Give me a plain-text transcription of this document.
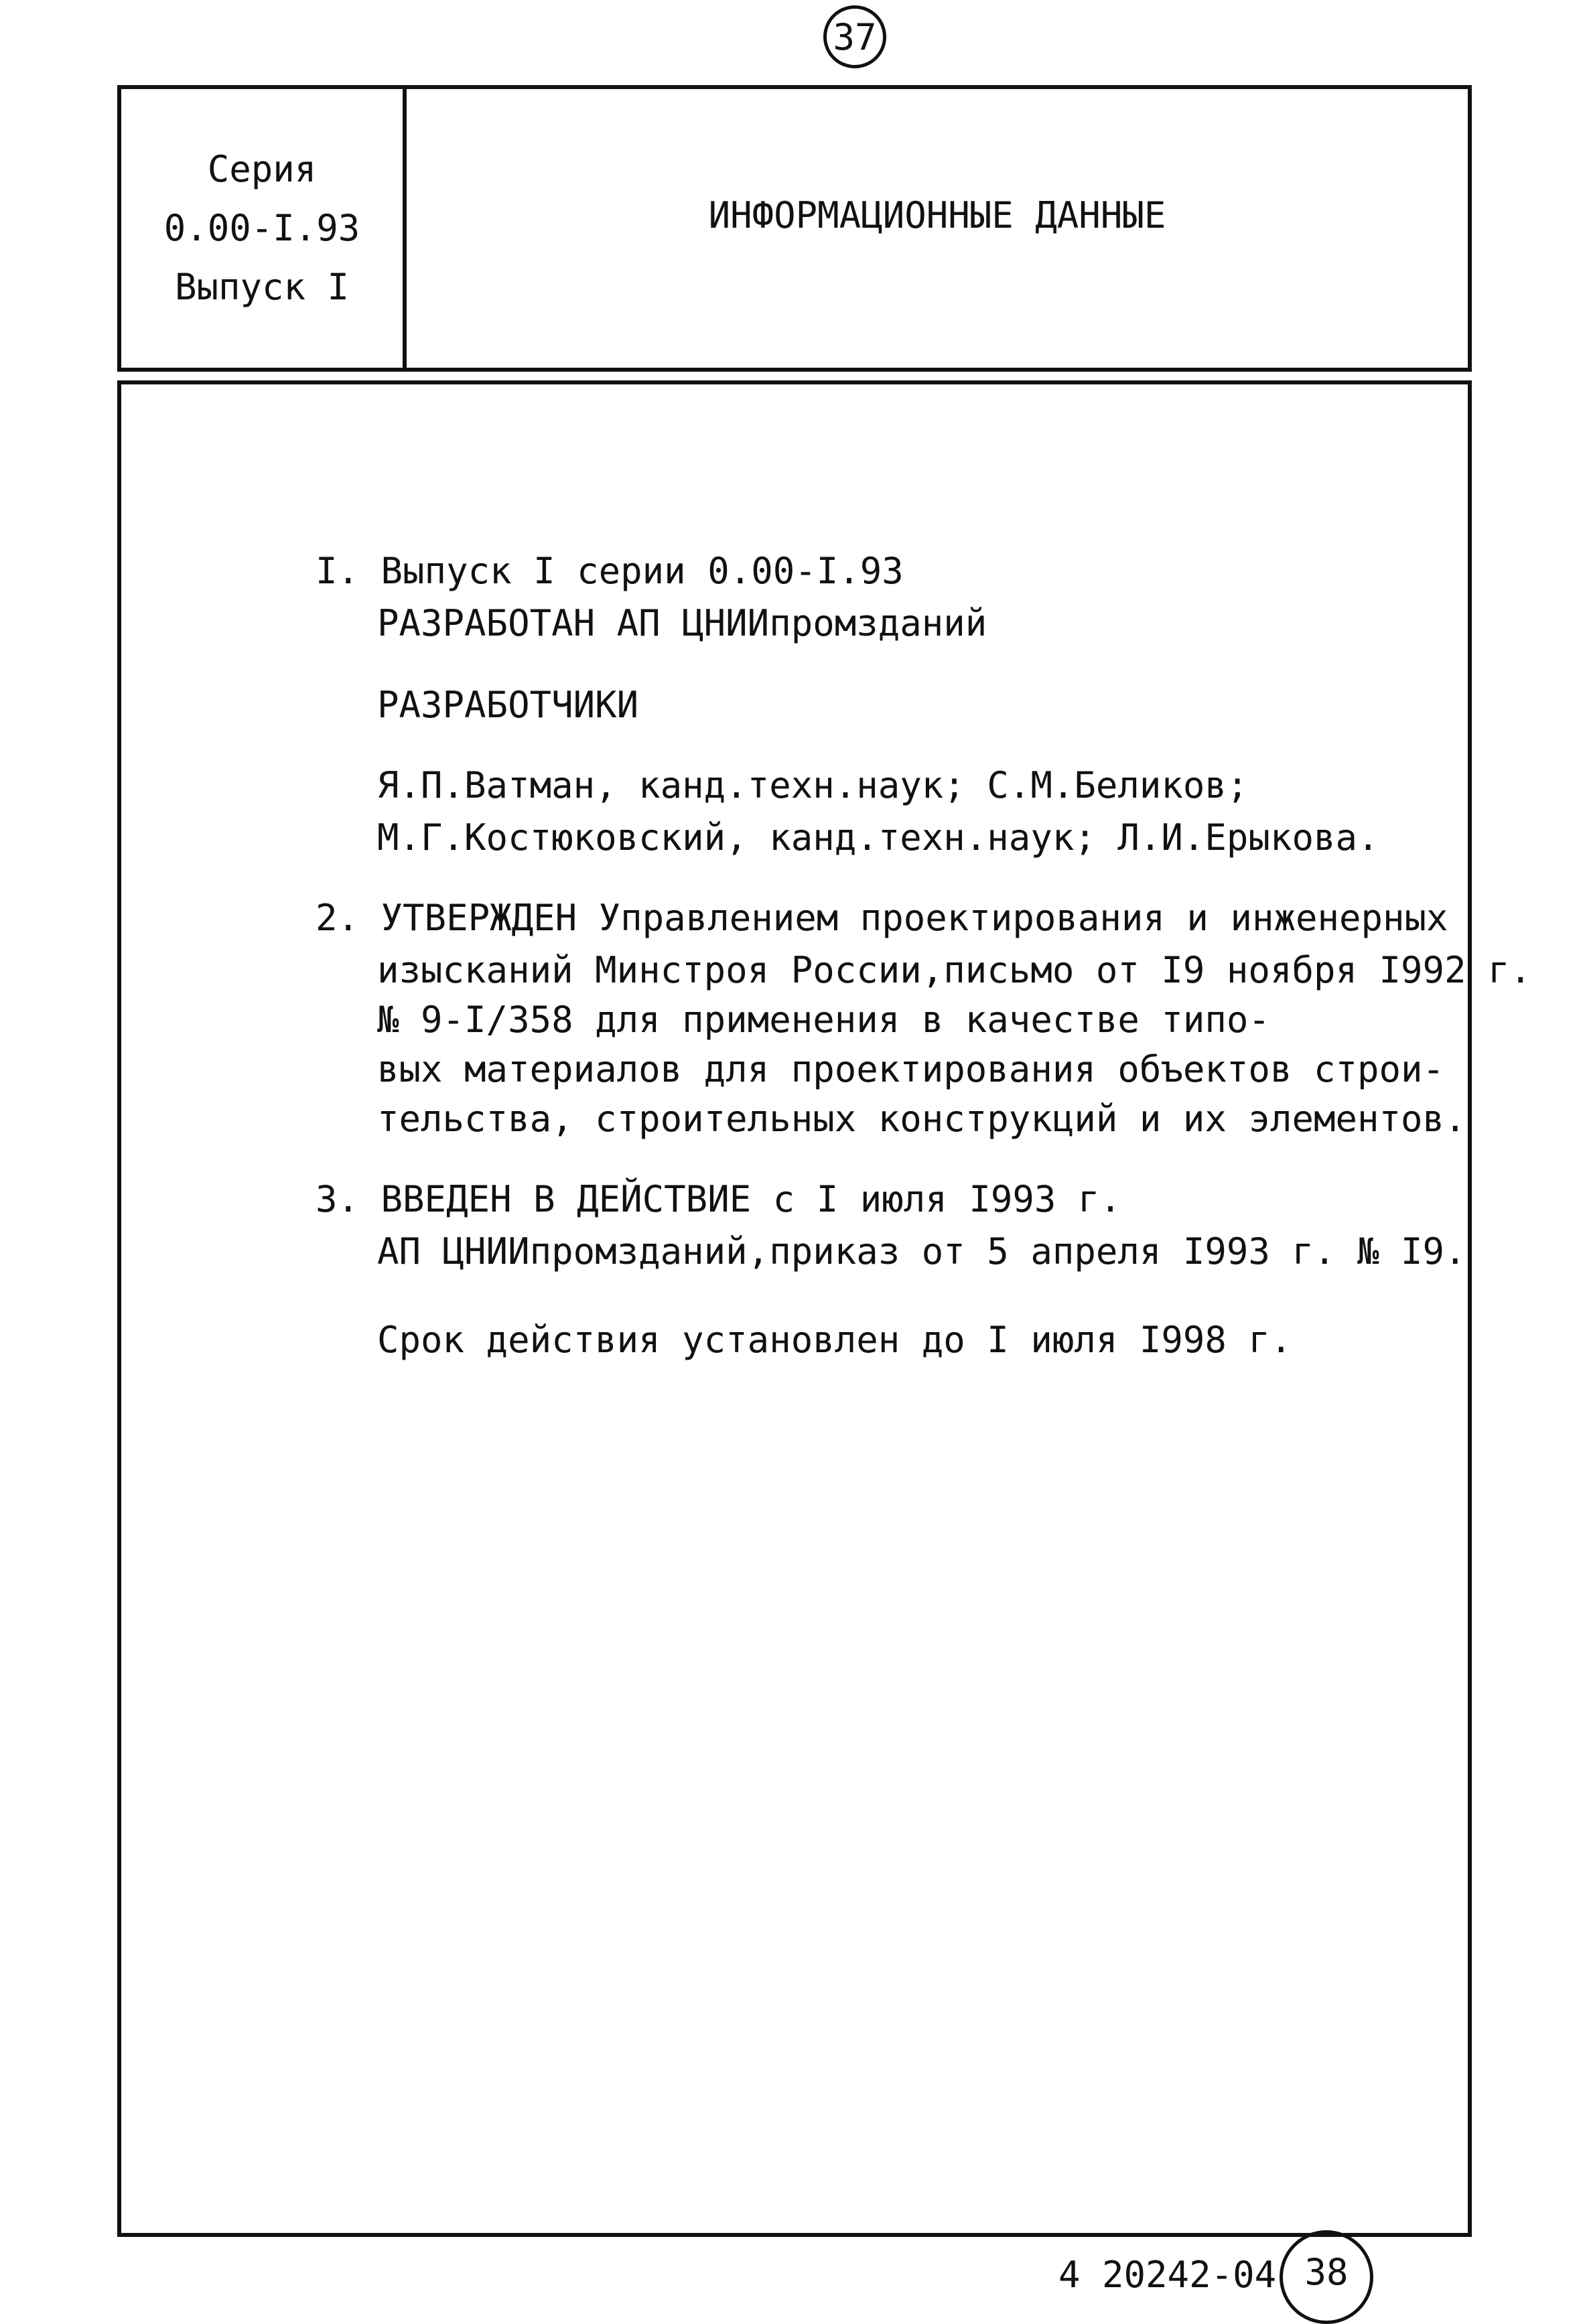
37
Серия
0.00-I.93
Выпуск I
ИНФОРМАЦИОННЫЕ ДАННЫЕ

I. Выпуск I серии 0.00-I.93

РАЗРАБОТАН АП ЦНИИпромзданий

РАЗРАБОТЧИКИ

Я.П.Ватман, канд.техн.наук; С.М.Беликов;

М.Г.Костюковский, канд.техн.наук; Л.И.Ерыкова.

2. УТВЕРЖДЕН Управлением проектирования и инженерных

изысканий Минстроя России,письмо от I9 ноября I992 г.

№ 9-I/358 для применения в качестве типо-

вых материалов для проектирования объектов строи-

тельства, строительных конструкций и их элементов.

3. ВВЕДЕН В ДЕЙСТВИЕ с I июля I993 г.

АП ЦНИИпромзданий,приказ от 5 апреля I993 г. № I9.

Срок действия установлен до I июля I998 г.

4 20242-04 38
